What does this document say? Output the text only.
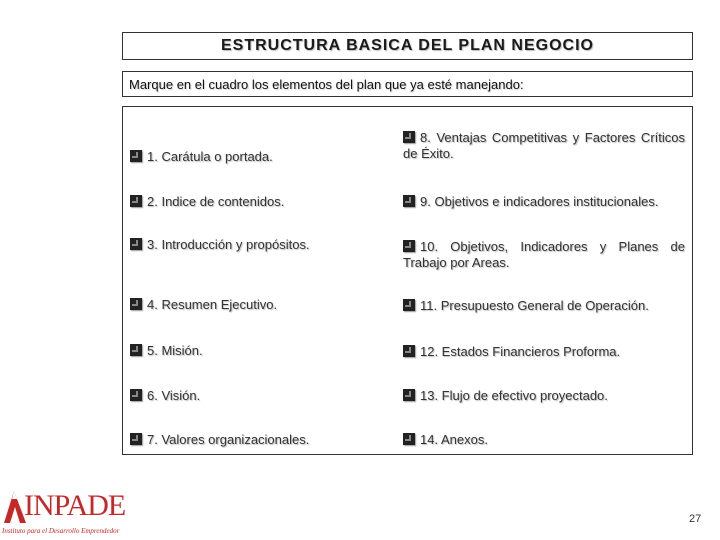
ESTRUCTURA BASICA DEL PLAN NEGOCIO
Marque en el cuadro los elementos del plan que ya esté manejando:
1. Carátula o portada.
2. Indice de contenidos.
3. Introducción y propósitos.
4. Resumen Ejecutivo.
5. Misión.
6. Visión.
7. Valores organizacionales.
8. Ventajas Competitivas y Factores Críticos de Éxito.
9. Objetivos e indicadores institucionales.
10. Objetivos, Indicadores y Planes de Trabajo por Areas.
11. Presupuesto General de Operación.
12. Estados Financieros Proforma.
13. Flujo de efectivo proyectado.
14. Anexos.
INPADE
Instituto para el Desarrollo Emprendedor
27
